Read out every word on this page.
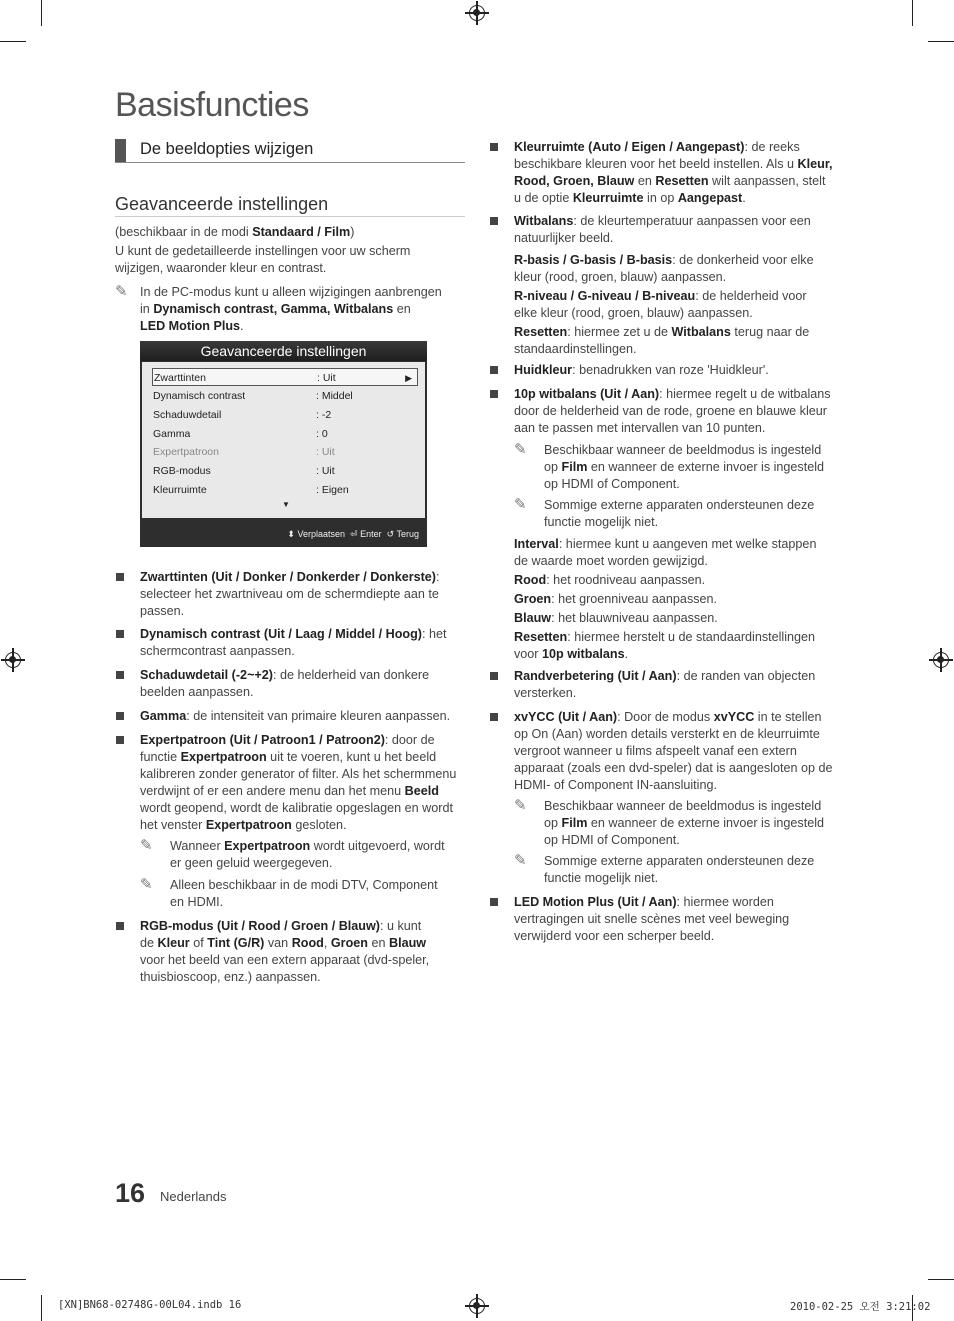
Basisfuncties
De beeldopties wijzigen
Geavanceerde instellingen
(beschikbaar in de modi Standaard / Film)
U kunt de gedetailleerde instellingen voor uw scherm
wijzigen, waaronder kleur en contrast.
✎ In de PC-modus kunt u alleen wijzigingen aanbrengen
in Dynamisch contrast, Gamma, Witbalans en
LED Motion Plus.
Geavanceerde instellingen
Zwarttinten	: Uit	▶
Dynamisch contrast	: Middel
Schaduwdetail	: -2
Gamma	: 0
Expertpatroon	: Uit
RGB-modus	: Uit
Kleurruimte	: Eigen
▼
⬍ Verplaatsen ⏎ Enter ↺ Terug
Zwarttinten (Uit / Donker / Donkerder / Donkerste):
selecteer het zwartniveau om de schermdiepte aan te
passen.
Dynamisch contrast (Uit / Laag / Middel / Hoog): het
schermcontrast aanpassen.
Schaduwdetail (-2~+2): de helderheid van donkere
beelden aanpassen.
Gamma: de intensiteit van primaire kleuren aanpassen.
Expertpatroon (Uit / Patroon1 / Patroon2): door de
functie Expertpatroon uit te voeren, kunt u het beeld
kalibreren zonder generator of filter. Als het schermmenu
verdwijnt of er een andere menu dan het menu Beeld
wordt geopend, wordt de kalibratie opgeslagen en wordt
het venster Expertpatroon gesloten.
✎ Wanneer Expertpatroon wordt uitgevoerd, wordt
er geen geluid weergegeven.
✎ Alleen beschikbaar in de modi DTV, Component
en HDMI.
RGB-modus (Uit / Rood / Groen / Blauw): u kunt
de Kleur of Tint (G/R) van Rood, Groen en Blauw
voor het beeld van een extern apparaat (dvd-speler,
thuisbioscoop, enz.) aanpassen.
Kleurruimte (Auto / Eigen / Aangepast): de reeks
beschikbare kleuren voor het beeld instellen. Als u Kleur,
Rood, Groen, Blauw en Resetten wilt aanpassen, stelt
u de optie Kleurruimte in op Aangepast.
Witbalans: de kleurtemperatuur aanpassen voor een
natuurlijker beeld.
R-basis / G-basis / B-basis: de donkerheid voor elke
kleur (rood, groen, blauw) aanpassen.
R-niveau / G-niveau / B-niveau: de helderheid voor
elke kleur (rood, groen, blauw) aanpassen.
Resetten: hiermee zet u de Witbalans terug naar de
standaardinstellingen.
Huidkleur: benadrukken van roze 'Huidkleur'.
10p witbalans (Uit / Aan): hiermee regelt u de witbalans
door de helderheid van de rode, groene en blauwe kleur
aan te passen met intervallen van 10 punten.
✎ Beschikbaar wanneer de beeldmodus is ingesteld
op Film en wanneer de externe invoer is ingesteld
op HDMI of Component.
✎ Sommige externe apparaten ondersteunen deze
functie mogelijk niet.
Interval: hiermee kunt u aangeven met welke stappen
de waarde moet worden gewijzigd.
Rood: het roodniveau aanpassen.
Groen: het groenniveau aanpassen.
Blauw: het blauwniveau aanpassen.
Resetten: hiermee herstelt u de standaardinstellingen
voor 10p witbalans.
Randverbetering (Uit / Aan): de randen van objecten
versterken.
xvYCC (Uit / Aan): Door de modus xvYCC in te stellen
op On (Aan) worden details versterkt en de kleurruimte
vergroot wanneer u films afspeelt vanaf een extern
apparaat (zoals een dvd-speler) dat is aangesloten op de
HDMI- of Component IN-aansluiting.
✎ Beschikbaar wanneer de beeldmodus is ingesteld
op Film en wanneer de externe invoer is ingesteld
op HDMI of Component.
✎ Sommige externe apparaten ondersteunen deze
functie mogelijk niet.
LED Motion Plus (Uit / Aan): hiermee worden
vertragingen uit snelle scènes met veel beweging
verwijderd voor een scherper beeld.
16 Nederlands
[XN]BN68-02748G-00L04.indb 16	2010-02-25 오전 3:21:02
